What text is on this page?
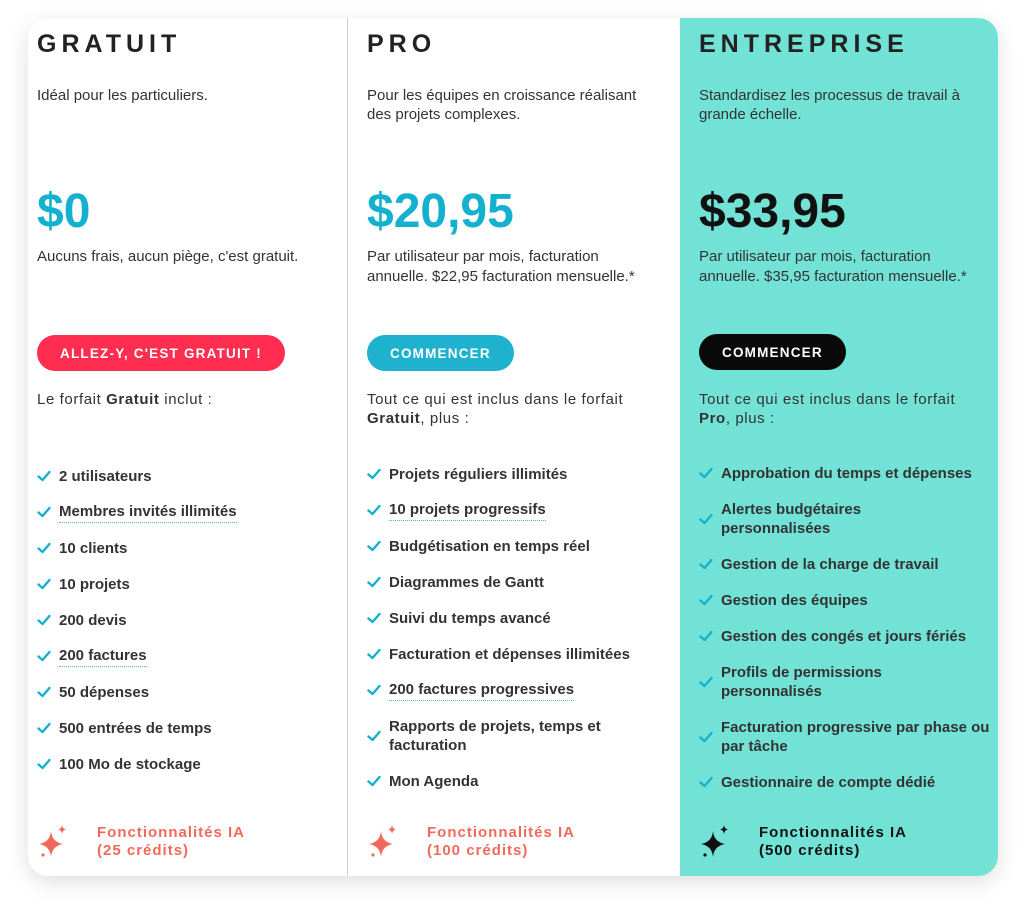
GRATUIT
Idéal pour les particuliers.
$0
Aucuns frais, aucun piège, c'est gratuit.
ALLEZ-Y, C'EST GRATUIT !
Le forfait Gratuit inclut :
2 utilisateurs
Membres invités illimités
10 clients
10 projets
200 devis
200 factures
50 dépenses
500 entrées de temps
100 Mo de stockage
Fonctionnalités IA
(25 crédits)
PRO
Pour les équipes en croissance réalisant des projets complexes.
$20,95
Par utilisateur par mois, facturation annuelle. $22,95 facturation mensuelle.*
COMMENCER
Tout ce qui est inclus dans le forfait Gratuit, plus :
Projets réguliers illimités
10 projets progressifs
Budgétisation en temps réel
Diagrammes de Gantt
Suivi du temps avancé
Facturation et dépenses illimitées
200 factures progressives
Rapports de projets, temps et facturation
Mon Agenda
Fonctionnalités IA
(100 crédits)
ENTREPRISE
Standardisez les processus de travail à grande échelle.
$33,95
Par utilisateur par mois, facturation annuelle. $35,95 facturation mensuelle.*
COMMENCER
Tout ce qui est inclus dans le forfait Pro, plus :
Approbation du temps et dépenses
Alertes budgétaires personnalisées
Gestion de la charge de travail
Gestion des équipes
Gestion des congés et jours fériés
Profils de permissions personnalisés
Facturation progressive par phase ou par tâche
Gestionnaire de compte dédié
Fonctionnalités IA
(500 crédits)
